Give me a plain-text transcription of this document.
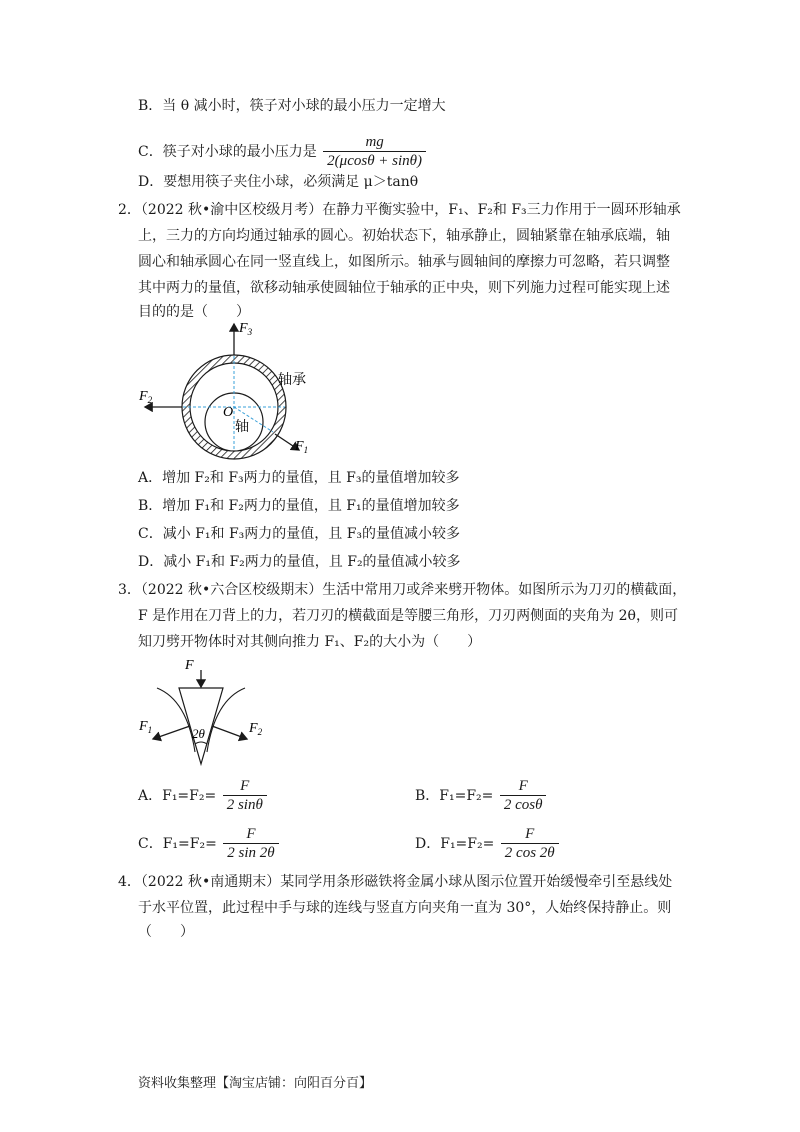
B．当 θ 减小时，筷子对小球的最小压力一定增大
C．筷子对小球的最小压力是 $\frac{mg}{2(\mu\cos\theta + \sin\theta)}$
D．要想用筷子夹住小球，必须满足 μ＞tanθ
2．（2022 秋•渝中区校级月考）在静力平衡实验中，F₁、F₂和 F₃三力作用于一圆环形轴承
上，三力的方向均通过轴承的圆心。初始状态下，轴承静止，圆轴紧靠在轴承底端，轴
圆心和轴承圆心在同一竖直线上，如图所示。轴承与圆轴间的摩擦力可忽略，若只调整
其中两力的量值，欲移动轴承使圆轴位于轴承的正中央，则下列施力过程可能实现上述
目的的是（　　）
$F_3$
$F_2$
$F_1$
O
轴承
轴
A．增加 F₂和 F₃两力的量值，且 F₃的量值增加较多
B．增加 F₁和 F₂两力的量值，且 F₁的量值增加较多
C．减小 F₁和 F₃两力的量值，且 F₃的量值减小较多
D．减小 F₁和 F₂两力的量值，且 F₂的量值减小较多
3．（2022 秋•六合区校级期末）生活中常用刀或斧来劈开物体。如图所示为刀刃的横截面，
F 是作用在刀背上的力，若刀刃的横截面是等腰三角形，刀刃两侧面的夹角为 2θ，则可
知刀劈开物体时对其侧向推力 F₁、F₂的大小为（　　）
F
$F_1$	$F_2$
2θ
A．$F_1=F_2= \frac{F}{2 \sin\theta}$	B．$F_1=F_2= \frac{F}{2 \cos\theta}$
C．$F_1=F_2= \frac{F}{2 \sin 2\theta}$	D．$F_1=F_2= \frac{F}{2 \cos 2\theta}$
4．（2022 秋•南通期末）某同学用条形磁铁将金属小球从图示位置开始缓慢牵引至悬线处
于水平位置，此过程中手与球的连线与竖直方向夹角一直为 30°，人始终保持静止。则
（　　）
资料收集整理【淘宝店铺：向阳百分百】
